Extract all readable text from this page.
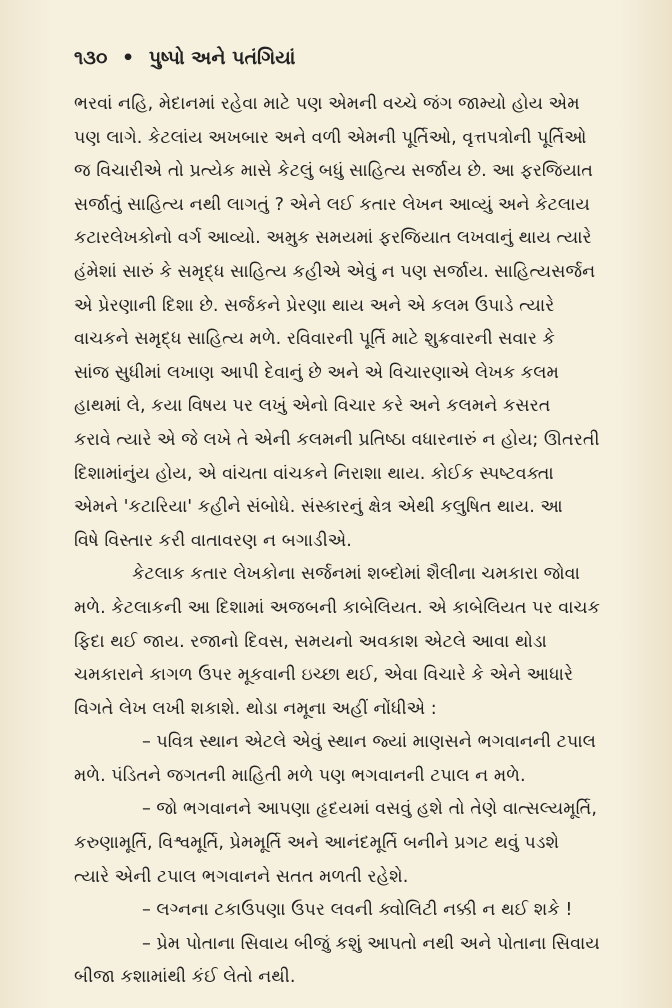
૧૩૦ • પુષ્પો અને પતંગિયાં
ભરવાં નહિ, મેદાનમાં રહેવા માટે પણ એમની વચ્ચે જંગ જામ્યો હોય એમ
પણ લાગે. કેટલાંય અખબાર અને વળી એમની પૂર્તિઓ, વૃત્તપત્રોની પૂર્તિઓ
જ વિચારીએ તો પ્રત્યેક માસે કેટલું બધું સાહિત્ય સર્જાય છે. આ ફરજિયાત
સર્જાતું સાહિત્ય નથી લાગતું ? એને લઈ કતાર લેખન આવ્યું અને કેટલાય
કટારલેખકોનો વર્ગ આવ્યો. અમુક સમયમાં ફરજિયાત લખવાનું થાય ત્યારે
હંમેશાં સારું કે સમૃદ્ધ સાહિત્ય કહીએ એવું ન પણ સર્જાય. સાહિત્યસર્જન
એ પ્રેરણાની દિશા છે. સર્જકને પ્રેરણા થાય અને એ કલમ ઉપાડે ત્યારે
વાચકને સમૃદ્ધ સાહિત્ય મળે. રવિવારની પૂર્તિ માટે શુક્રવારની સવાર કે
સાંજ સુધીમાં લખાણ આપી દેવાનું છે અને એ વિચારણાએ લેખક કલમ
હાથમાં લે, કયા વિષય પર લખું એનો વિચાર કરે અને કલમને કસરત
કરાવે ત્યારે એ જે લખે તે એની કલમની પ્રતિષ્ઠા વધારનારું ન હોય; ઊતરતી
દિશામાંનુંય હોય, એ વાંચતા વાંચકને નિરાશા થાય. કોઈક સ્પષ્ટવક્તા
એમને 'કટારિયા' કહીને સંબોધે. સંસ્કારનું ક્ષેત્ર એથી કલુષિત થાય. આ
વિષે વિસ્તાર કરી વાતાવરણ ન બગાડીએ.
કેટલાક કતાર લેખકોના સર્જનમાં શબ્દોમાં શૈલીના ચમકારા જોવા
મળે. કેટલાકની આ દિશામાં અજબની કાબેલિયત. એ કાબેલિયત પર વાચક
ફિદા થઈ જાય. રજાનો દિવસ, સમયનો અવકાશ એટલે આવા થોડા
ચમકારાને કાગળ ઉપર મૂકવાની ઇચ્છા થઈ, એવા વિચારે કે એને આધારે
વિગતે લેખ લખી શકાશે. થોડા નમૂના અહીં નોંધીએ :
– પવિત્ર સ્થાન એટલે એવું સ્થાન જ્યાં માણસને ભગવાનની ટપાલ
મળે. પંડિતને જગતની માહિતી મળે પણ ભગવાનની ટપાલ ન મળે.
– જો ભગવાનને આપણા હૃદયમાં વસવું હશે તો તેણે વાત્સલ્યમૂર્તિ,
કરુણામૂર્તિ, વિશ્વમૂર્તિ, પ્રેમમૂર્તિ અને આનંદમૂર્તિ બનીને પ્રગટ થવું પડશે
ત્યારે એની ટપાલ ભગવાનને સતત મળતી રહેશે.
– લગ્નના ટકાઉપણા ઉપર લવની ક્વોલિટી નક્કી ન થઈ શકે !
– પ્રેમ પોતાના સિવાય બીજું કશું આપતો નથી અને પોતાના સિવાય
બીજા કશામાંથી કંઈ લેતો નથી.
